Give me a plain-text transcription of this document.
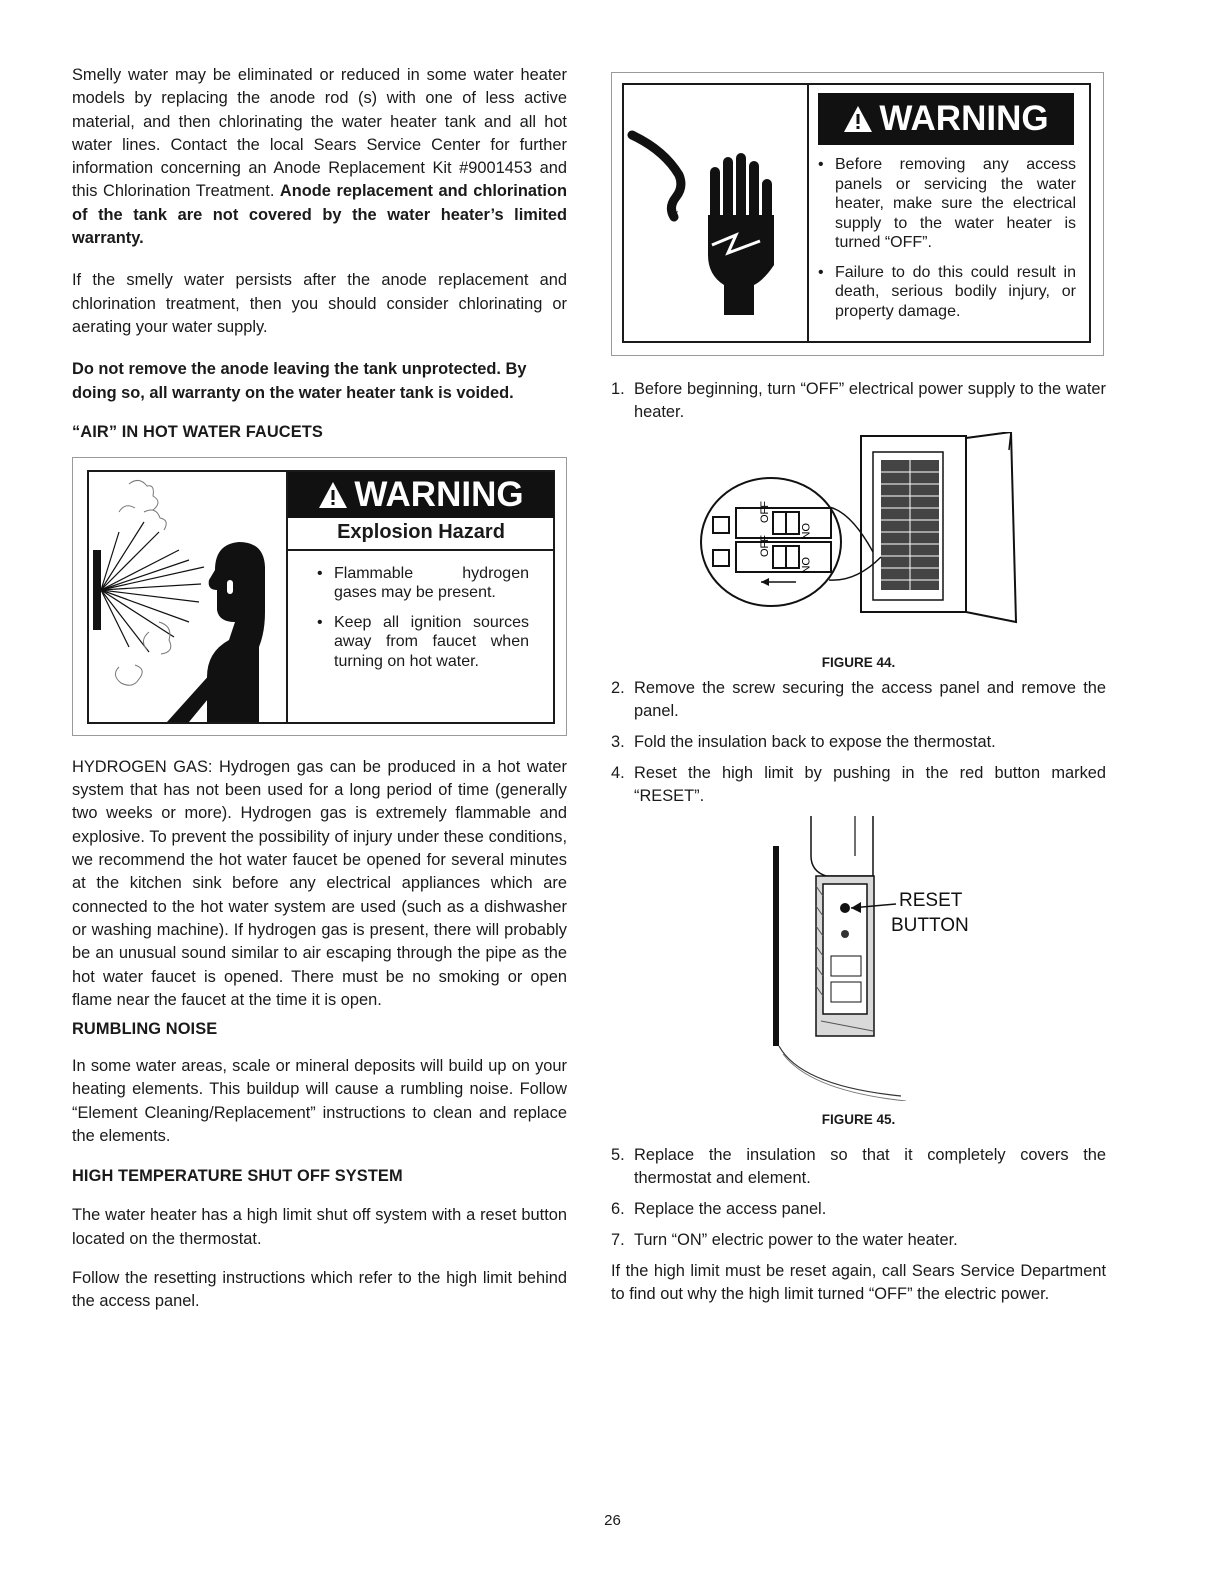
Smelly water may be eliminated or reduced in some water heater models by replacing the anode rod (s) with one of less active material, and then chlorinating the water heater tank and all hot water lines. Contact the local Sears Service Center for further information concerning an Anode Replacement Kit #9001453 and this Chlorination Treatment. Anode replacement and chlorination of the tank are not covered by the water heater’s limited warranty.

If the smelly water persists after the anode replacement and chlorination treatment, then you should consider chlorinating or aerating your water supply.

Do not remove the anode leaving the tank unprotected. By doing so, all warranty on the water heater tank is voided.

“AIR” IN HOT WATER FAUCETS
WARNING
Explosion Hazard
• Flammable hydrogen gases may be present.
• Keep all ignition sources away from faucet when turning on hot water.

HYDROGEN GAS: Hydrogen gas can be produced in a hot water system that has not been used for a long period of time (generally two weeks or more). Hydrogen gas is extremely flammable and explosive. To prevent the possibility of injury under these conditions, we recommend the hot water faucet be opened for several minutes at the kitchen sink before any electrical appliances which are connected to the hot water system are used (such as a dishwasher or washing machine). If hydrogen gas is present, there will probably be an unusual sound similar to air escaping through the pipe as the hot water faucet is opened. There must be no smoking or open flame near the faucet at the time it is open.

RUMBLING NOISE

In some water areas, scale or mineral deposits will build up on your heating elements. This buildup will cause a rumbling noise. Follow “Element Cleaning/Replacement” instructions to clean and replace the elements.

HIGH TEMPERATURE SHUT OFF SYSTEM

The water heater has a high limit shut off system with a reset button located on the thermostat.

Follow the resetting instructions which refer to the high limit behind the access panel.

WARNING
• Before removing any access panels or servicing the water heater, make sure the electrical supply to the water heater is turned “OFF”.
• Failure to do this could result in death, serious bodily injury, or property damage.
1. Before beginning, turn “OFF” electrical power supply to the water heater.
OFF
ON
OFF
ON
FIGURE 44.
2. Remove the screw securing the access panel and remove the panel.
3. Fold the insulation back to expose the thermostat.
4. Reset the high limit by pushing in the red button marked “RESET”.
RESET
BUTTON
FIGURE 45.
5. Replace the insulation so that it completely covers the thermostat and element.
6. Replace the access panel.
7. Turn “ON” electric power to the water heater.

If the high limit must be reset again, call Sears Service Department to find out why the high limit turned “OFF” the electric power.

26
